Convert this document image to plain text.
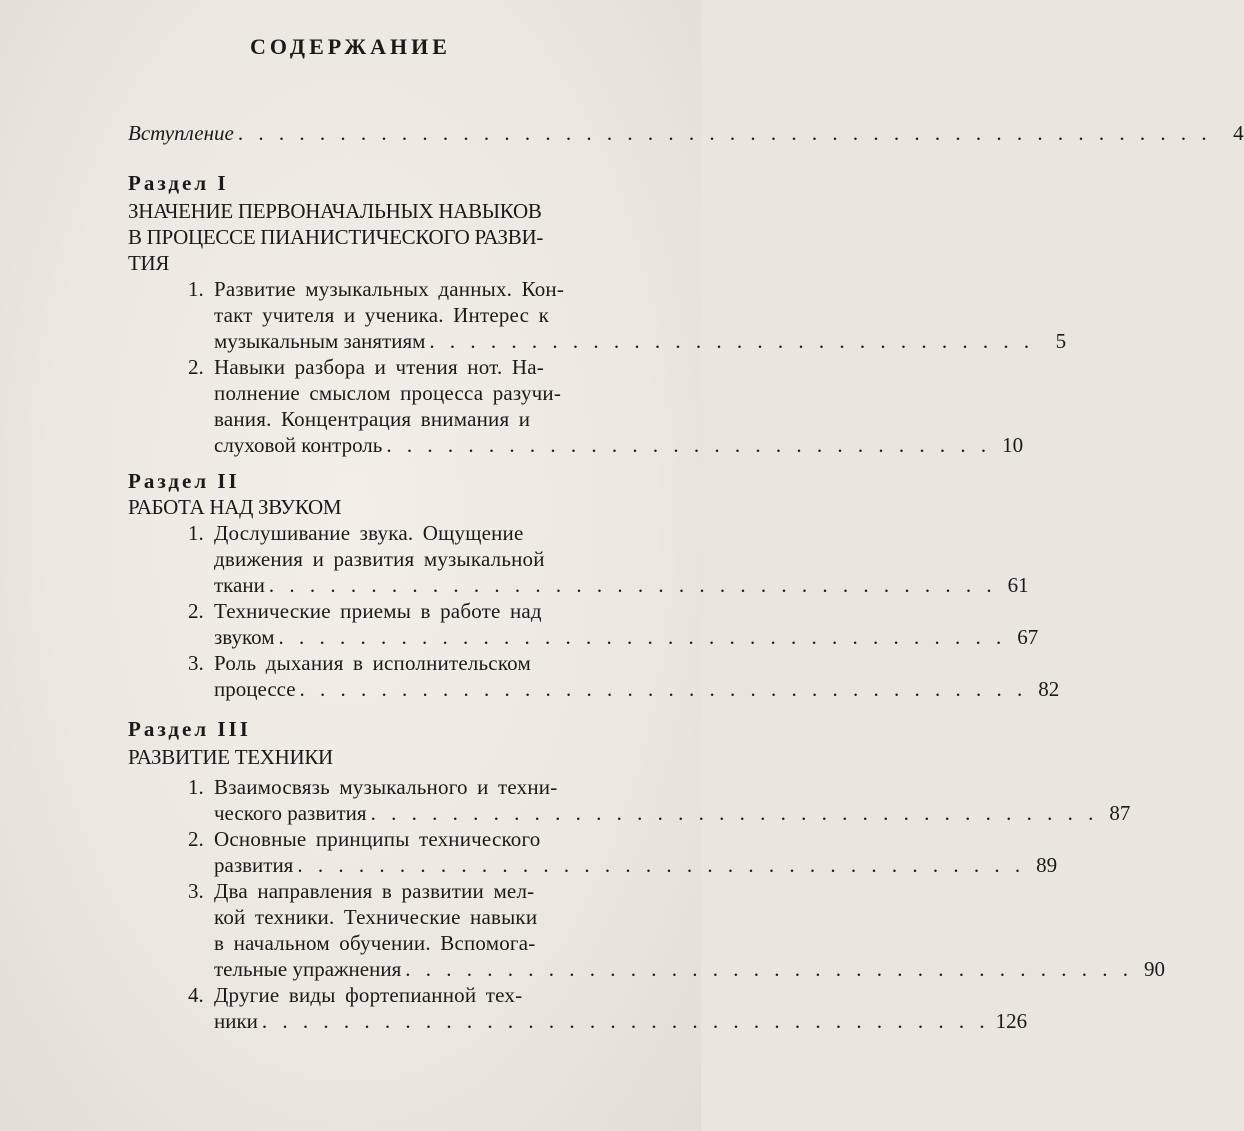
СОДЕРЖАНИЕ
Вступление . . . . . . . . . . . . . . . . . . . . . . . . . . . . . . . . . . . . . . . . . . . . . . . .	4
Раздел I
ЗНАЧЕНИЕ ПЕРВОНАЧАЛЬНЫХ НАВЫКОВ
В ПРОЦЕССЕ ПИАНИСТИЧЕСКОГО РАЗВИ-
ТИЯ
1. Развитие музыкальных данных. Кон-
такт учителя и ученика. Интерес к
музыкальным занятиям . . . . . . . . . . . . . . . . . . . . . . . . . . . . . .	5
2. Навыки разбора и чтения нот. На-
полнение смыслом процесса разучи-
вания. Концентрация внимания и
слуховой контроль . . . . . . . . . . . . . . . . . . . . . . . . . . . . . . 10
Раздел II
РАБОТА НАД ЗВУКОМ
1. Дослушивание звука. Ощущение
движения и развития музыкальной
ткани . . . . . . . . . . . . . . . . . . . . . . . . . . . . . . . . . . . . 61
2. Технические приемы в работе над
звуком . . . . . . . . . . . . . . . . . . . . . . . . . . . . . . . . . . . . 67
3. Роль дыхания в исполнительском
процессе . . . . . . . . . . . . . . . . . . . . . . . . . . . . . . . . . . . . 82
Раздел III
РАЗВИТИЕ ТЕХНИКИ
1. Взаимосвязь музыкального и техни-
ческого развития . . . . . . . . . . . . . . . . . . . . . . . . . . . . . . . . . . . . 87
2. Основные принципы технического
развития . . . . . . . . . . . . . . . . . . . . . . . . . . . . . . . . . . . . 89
3. Два направления в развитии мел-
кой техники. Технические навыки
в начальном обучении. Вспомога-
тельные упражнения . . . . . . . . . . . . . . . . . . . . . . . . . . . . . . . . . . . . 90
4. Другие виды фортепианной тех-
ники . . . . . . . . . . . . . . . . . . . . . . . . . . . . . . . . . . . . 126
